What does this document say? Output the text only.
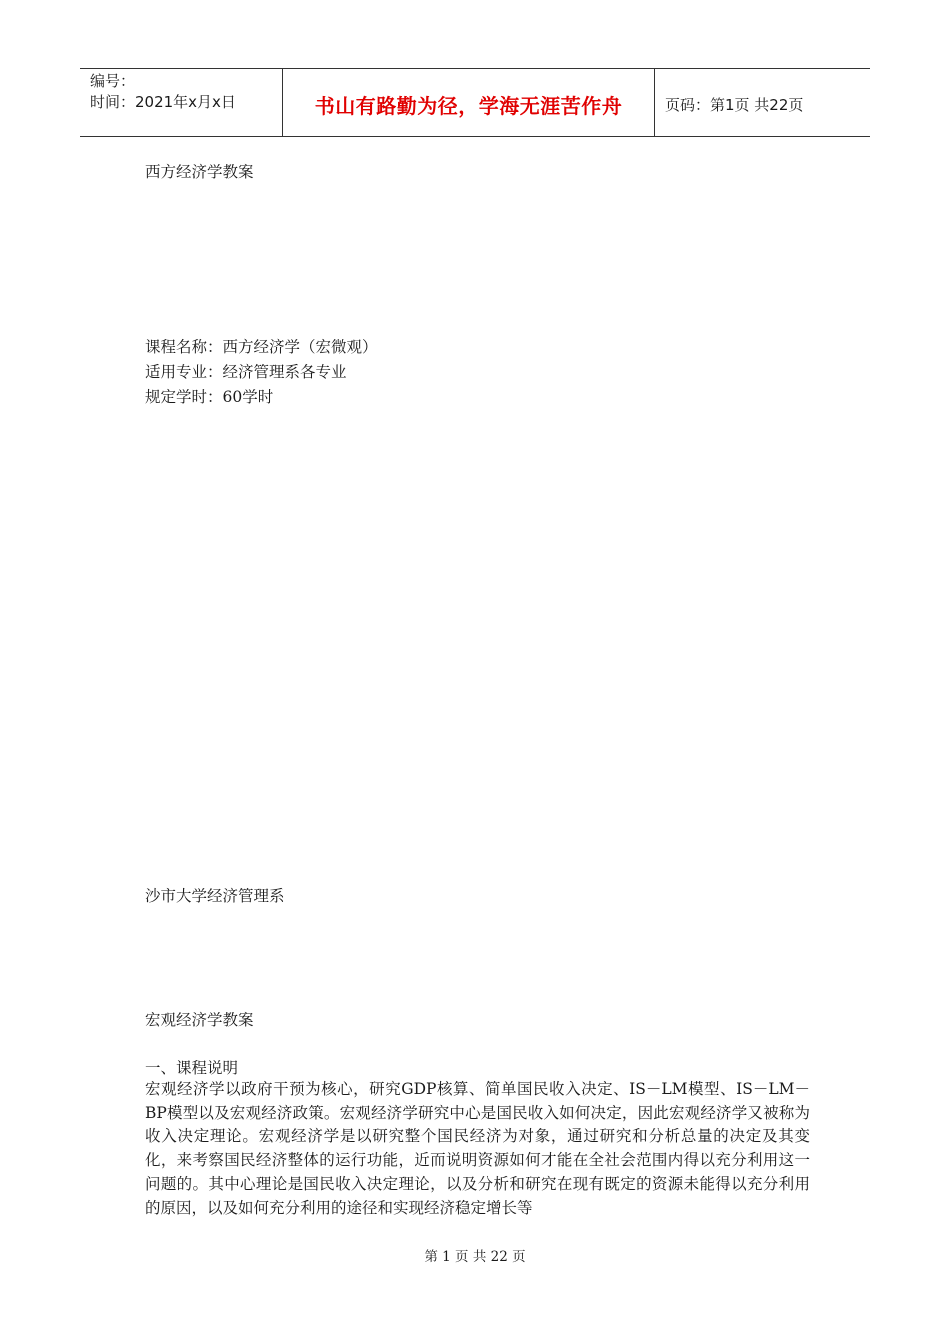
编号：
时间：2021年x月x日	书山有路勤为径，学海无涯苦作舟	页码：第1页 共22页
西方经济学教案
课程名称：西方经济学（宏微观）
适用专业：经济管理系各专业
规定学时：60学时
沙市大学经济管理系
宏观经济学教案
一、课程说明
宏观经济学以政府干预为核心，研究GDP核算、简单国民收入决定、IS－LM模型、IS－LM－BP模型以及宏观经济政策。宏观经济学研究中心是国民收入如何决定，因此宏观经济学又被称为收入决定理论。宏观经济学是以研究整个国民经济为对象，通过研究和分析总量的决定及其变化，来考察国民经济整体的运行功能，近而说明资源如何才能在全社会范围内得以充分利用这一问题的。其中心理论是国民收入决定理论，以及分析和研究在现有既定的资源未能得以充分利用的原因，以及如何充分利用的途径和实现经济稳定增长等
第 1 页 共 22 页
